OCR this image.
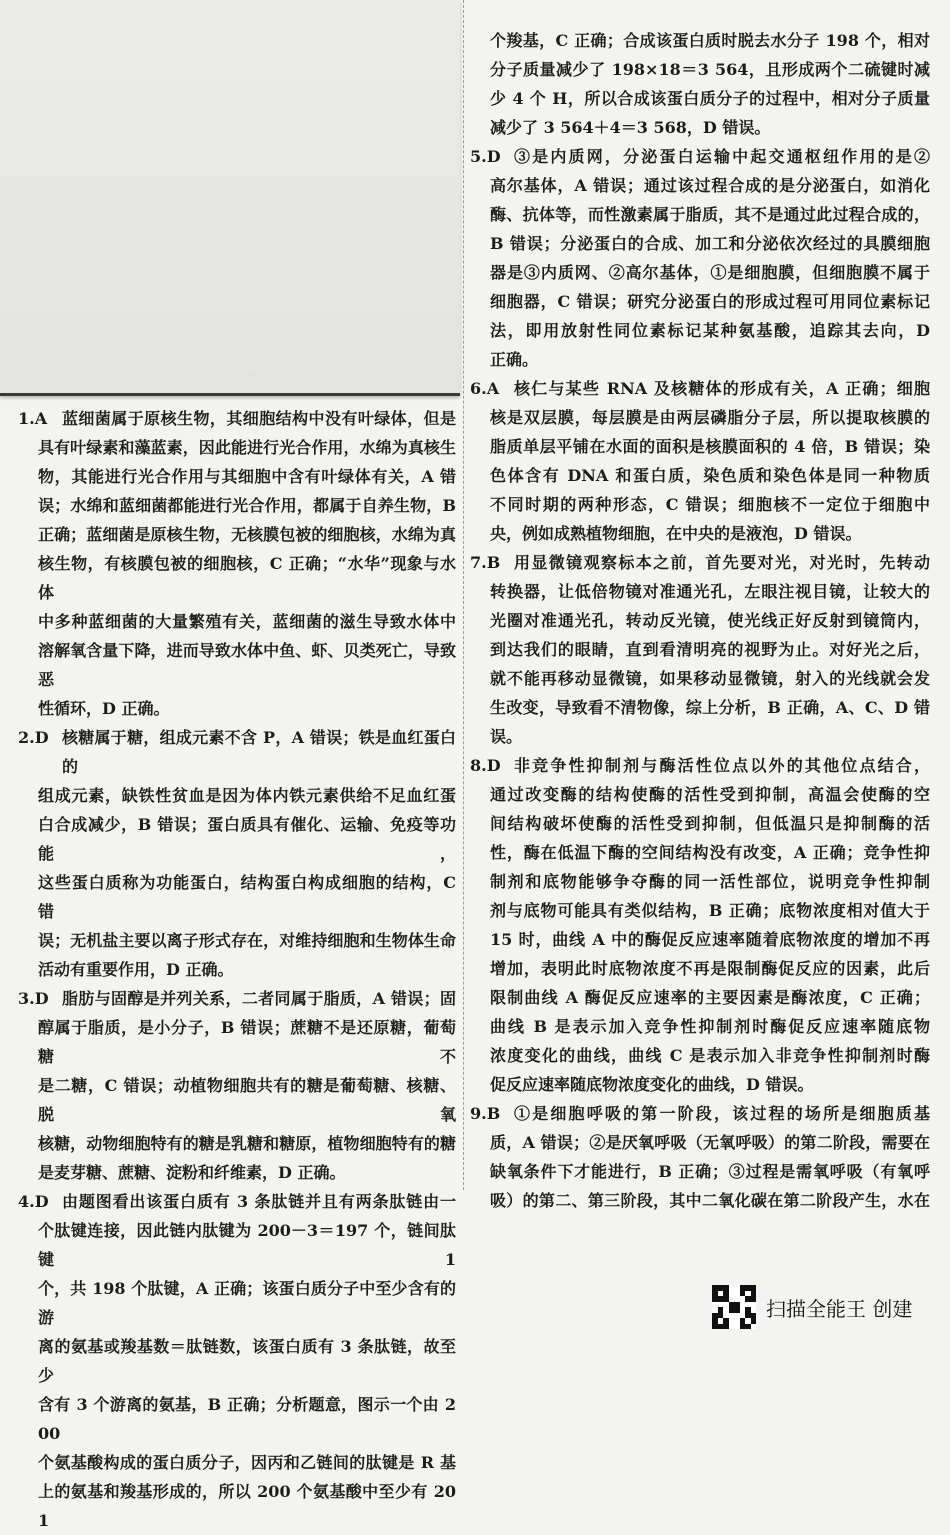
1.A 蓝细菌属于原核生物，其细胞结构中没有叶绿体，但是
具有叶绿素和藻蓝素，因此能进行光合作用，水绵为真核生
物，其能进行光合作用与其细胞中含有叶绿体有关，A 错
误；水绵和蓝细菌都能进行光合作用，都属于自养生物，B
正确；蓝细菌是原核生物，无核膜包被的细胞核，水绵为真
核生物，有核膜包被的细胞核，C 正确；“水华”现象与水体
中多种蓝细菌的大量繁殖有关，蓝细菌的滋生导致水体中
溶解氧含量下降，进而导致水体中鱼、虾、贝类死亡，导致恶
性循环，D 正确。
2.D 核糖属于糖，组成元素不含 P，A 错误；铁是血红蛋白的
组成元素，缺铁性贫血是因为体内铁元素供给不足血红蛋
白合成减少，B 错误；蛋白质具有催化、运输、免疫等功能，
这些蛋白质称为功能蛋白，结构蛋白构成细胞的结构，C 错
误；无机盐主要以离子形式存在，对维持细胞和生物体生命
活动有重要作用，D 正确。
3.D 脂肪与固醇是并列关系，二者同属于脂质，A 错误；固
醇属于脂质，是小分子，B 错误；蔗糖不是还原糖，葡萄糖不
是二糖，C 错误；动植物细胞共有的糖是葡萄糖、核糖、脱氧
核糖，动物细胞特有的糖是乳糖和糖原，植物细胞特有的糖
是麦芽糖、蔗糖、淀粉和纤维素，D 正确。
4.D 由题图看出该蛋白质有 3 条肽链并且有两条肽链由一
个肽键连接，因此链内肽键为 200－3＝197 个，链间肽键 1
个，共 198 个肽键，A 正确；该蛋白质分子中至少含有的游
离的氨基或羧基数＝肽链数，该蛋白质有 3 条肽链，故至少
含有 3 个游离的氨基，B 正确；分析题意，图示一个由 200
个氨基酸构成的蛋白质分子，因丙和乙链间的肽键是 R 基
上的氨基和羧基形成的，所以 200 个氨基酸中至少有 201
个羧基，C 正确；合成该蛋白质时脱去水分子 198 个，相对
分子质量减少了 198×18＝3 564，且形成两个二硫键时减
少 4 个 H，所以合成该蛋白质分子的过程中，相对分子质量
减少了 3 564＋4＝3 568，D 错误。
5.D ③是内质网，分泌蛋白运输中起交通枢纽作用的是②
高尔基体，A 错误；通过该过程合成的是分泌蛋白，如消化
酶、抗体等，而性激素属于脂质，其不是通过此过程合成的，
B 错误；分泌蛋白的合成、加工和分泌依次经过的具膜细胞
器是③内质网、②高尔基体，①是细胞膜，但细胞膜不属于
细胞器，C 错误；研究分泌蛋白的形成过程可用同位素标记
法，即用放射性同位素标记某种氨基酸，追踪其去向，D
正确。
6.A 核仁与某些 RNA 及核糖体的形成有关，A 正确；细胞
核是双层膜，每层膜是由两层磷脂分子层，所以提取核膜的
脂质单层平铺在水面的面积是核膜面积的 4 倍，B 错误；染
色体含有 DNA 和蛋白质，染色质和染色体是同一种物质
不同时期的两种形态，C 错误；细胞核不一定位于细胞中
央，例如成熟植物细胞，在中央的是液泡，D 错误。
7.B 用显微镜观察标本之前，首先要对光，对光时，先转动
转换器，让低倍物镜对准通光孔，左眼注视目镜，让较大的
光圈对准通光孔，转动反光镜，使光线正好反射到镜筒内，
到达我们的眼睛，直到看清明亮的视野为止。对好光之后，
就不能再移动显微镜，如果移动显微镜，射入的光线就会发
生改变，导致看不清物像，综上分析，B 正确，A、C、D 错误。
8.D 非竞争性抑制剂与酶活性位点以外的其他位点结合，
通过改变酶的结构使酶的活性受到抑制，高温会使酶的空
间结构破坏使酶的活性受到抑制，但低温只是抑制酶的活
性，酶在低温下酶的空间结构没有改变，A 正确；竞争性抑
制剂和底物能够争夺酶的同一活性部位，说明竞争性抑制
剂与底物可能具有类似结构，B 正确；底物浓度相对值大于
15 时，曲线 A 中的酶促反应速率随着底物浓度的增加不再
增加，表明此时底物浓度不再是限制酶促反应的因素，此后
限制曲线 A 酶促反应速率的主要因素是酶浓度，C 正确；
曲线 B 是表示加入竞争性抑制剂时酶促反应速率随底物
浓度变化的曲线，曲线 C 是表示加入非竞争性抑制剂时酶
促反应速率随底物浓度变化的曲线，D 错误。
9.B ①是细胞呼吸的第一阶段，该过程的场所是细胞质基
质，A 错误；②是厌氧呼吸（无氧呼吸）的第二阶段，需要在
缺氧条件下才能进行，B 正确；③过程是需氧呼吸（有氧呼
吸）的第二、第三阶段，其中二氧化碳在第二阶段产生，水在
扫描全能王 创建
